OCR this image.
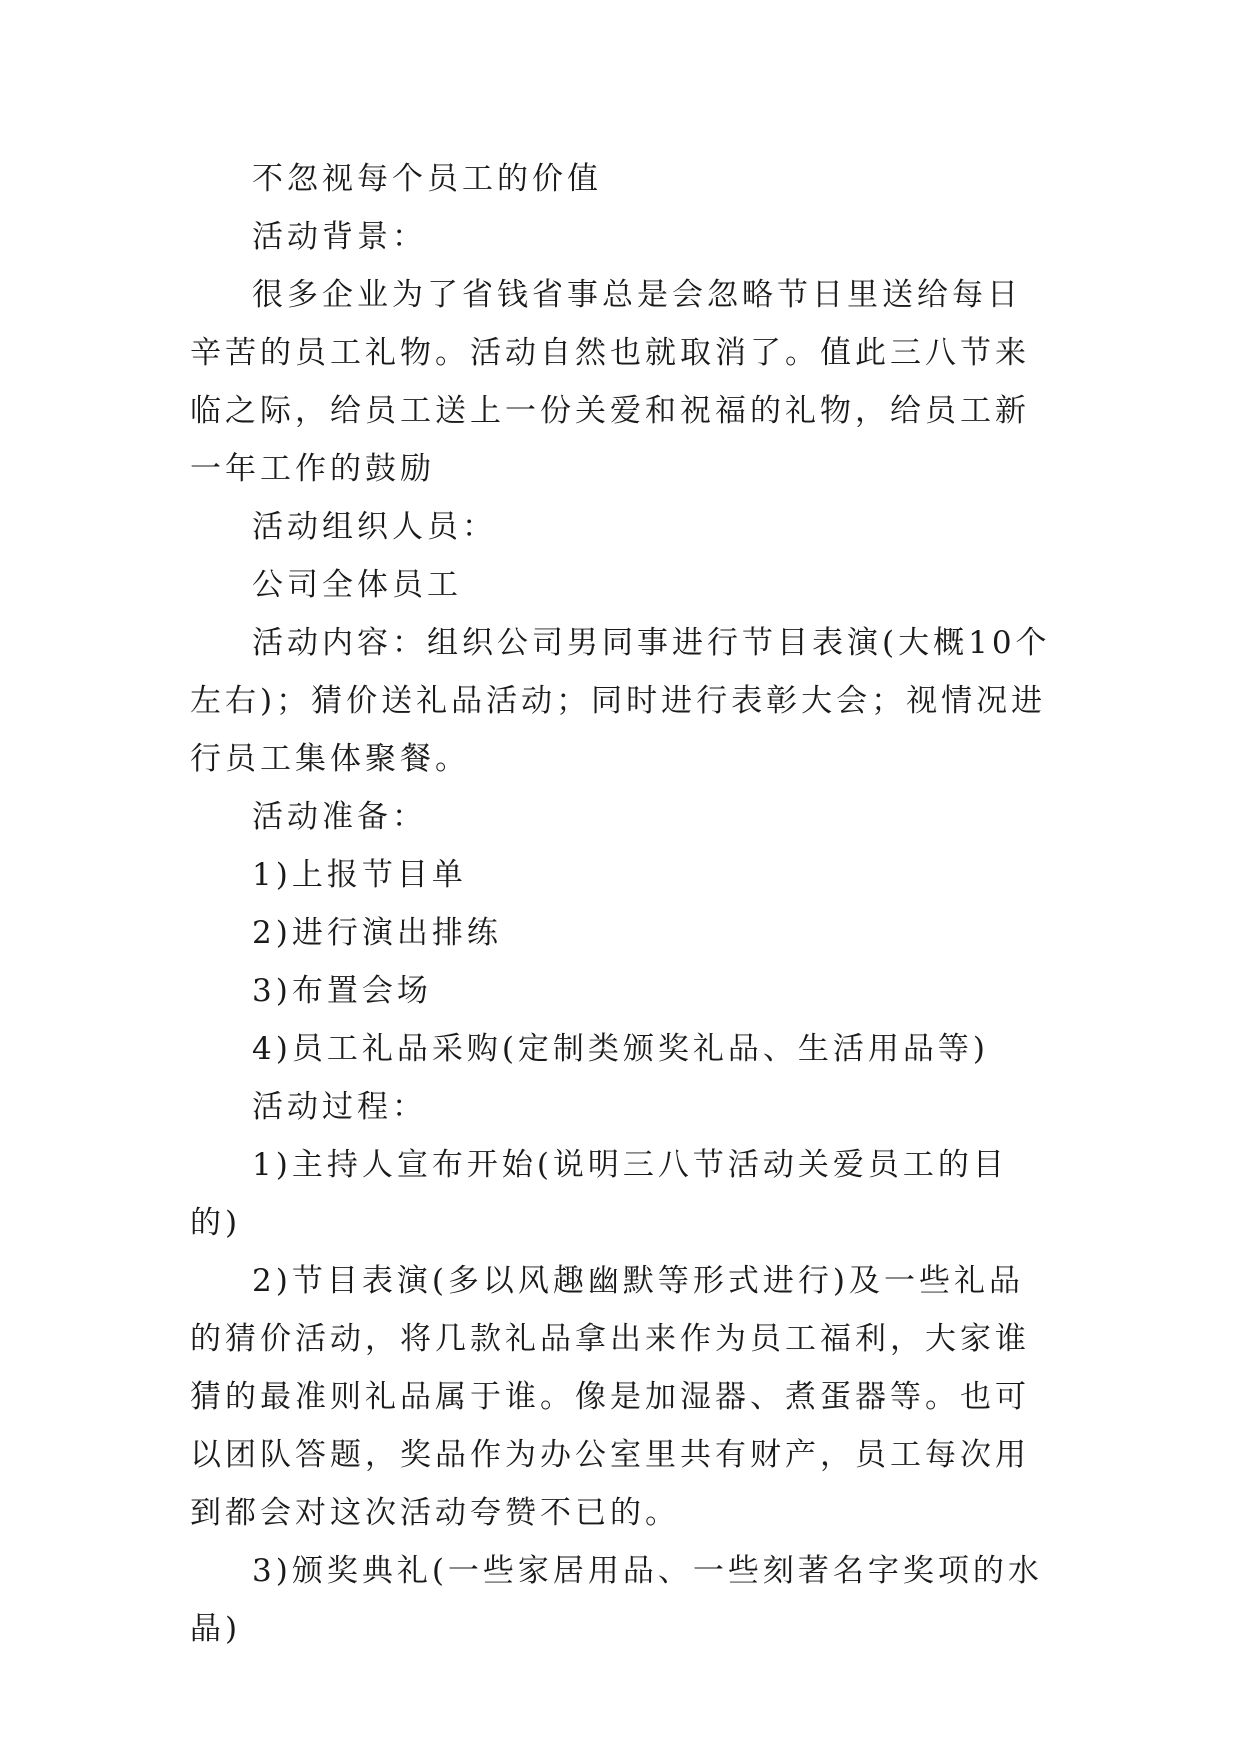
不忽视每个员工的价值

活动背景：

很多企业为了省钱省事总是会忽略节日里送给每日辛苦的员工礼物。活动自然也就取消了。值此三八节来临之际，给员工送上一份关爱和祝福的礼物，给员工新一年工作的鼓励

活动组织人员：

公司全体员工

活动内容：组织公司男同事进行节目表演(大概10个左右)；猜价送礼品活动；同时进行表彰大会；视情况进行员工集体聚餐。

活动准备：

1)上报节目单

2)进行演出排练

3)布置会场

4)员工礼品采购(定制类颁奖礼品、生活用品等)

活动过程：

1)主持人宣布开始(说明三八节活动关爱员工的目的)

2)节目表演(多以风趣幽默等形式进行)及一些礼品的猜价活动，将几款礼品拿出来作为员工福利，大家谁猜的最准则礼品属于谁。像是加湿器、煮蛋器等。也可以团队答题，奖品作为办公室里共有财产，员工每次用到都会对这次活动夸赞不已的。

3)颁奖典礼(一些家居用品、一些刻著名字奖项的水晶)
